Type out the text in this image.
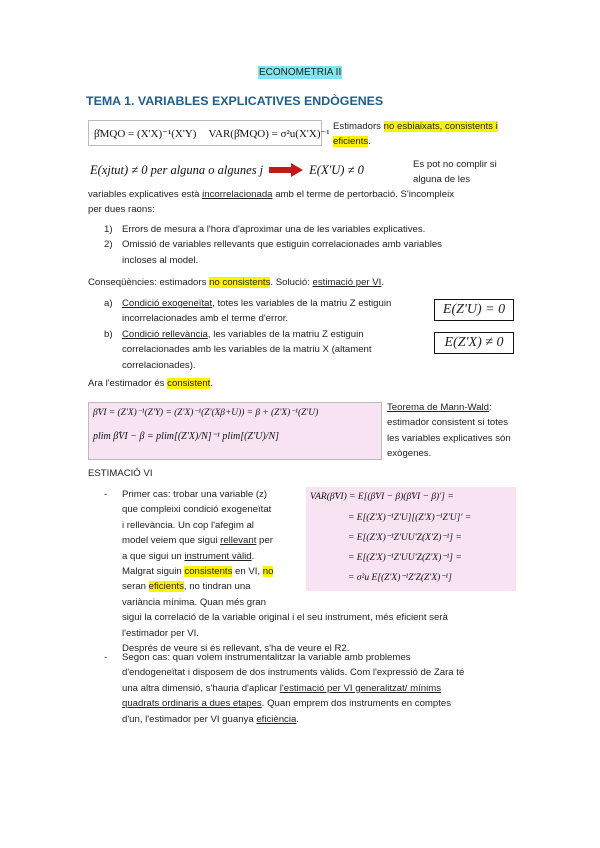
ECONOMETRIA II
TEMA 1. VARIABLES EXPLICATIVES ENDÒGENES
β̂MQO = (X'X)⁻¹(X'Y) VAR(β̂MQO) = σ²u(X'X)⁻¹
Estimadors no esbiaixats, consistents i eficients.
E(xjtut) ≠ 0 per alguna o algunes j	E(X'U) ≠ 0	Es pot no complir si
alguna de les
variables explicatives està incorrelacionada amb el terme de pertorbació. S'incompleix
per dues raons:
1) Errors de mesura a l'hora d'aproximar una de les variables explicatives.
2) Omissió de variables rellevants que estiguin correlacionades amb variables
incloses al model.
Conseqüències: estimadors no consistents. Solució: estimació per VI.
a) Condició exogeneïtat, totes les variables de la matriu Z estiguin
incorrelacionades amb el terme d'error.
b) Condició rellevància, les variables de la matriu Z estiguin
correlacionades amb les variables de la matriu X (altament
correlacionades).
E(Z'U) = 0
E(Z'X) ≠ 0
Ara l'estimador és consistent.
β̂VI = (Z'X)⁻¹(Z'Y) = (Z'X)⁻¹(Z'(Xβ+U)) = β + (Z'X)⁻¹(Z'U)
plim β̂VI − β = plim[(Z'X)/N]⁻¹ plim[(Z'U)/N]
Teorema de Mann-Wald:
estimador consistent si totes
les variables explicatives són
exògenes.
ESTIMACIÓ VI
- Primer cas: trobar una variable (z)
que compleixi condició exogeneïtat
i rellevància. Un cop l'afegim al
model veiem que sigui rellevant per
a que sigui un instrument vàlid.
Malgrat siguin consistents en VI, no
seran eficients, no tindran una
variància mínima. Quan més gran
sigui la correlació de la variable original i el seu instrument, més eficient serà
l'estimador per VI.
Després de veure si és rellevant, s'ha de veure el R2.
VAR(β̂VI) = E[(β̂VI − β)(β̂VI − β)'] =
= E[(Z'X)⁻¹Z'U][(Z'X)⁻¹Z'U]' =
= E[(Z'X)⁻¹Z'UU'Z(X'Z)⁻¹] =
= E[(Z'X)⁻¹Z'UU'Z(Z'X)⁻¹] =
= σ²u E[(Z'X)⁻¹Z'Z(Z'X)⁻¹]
- Segon cas: quan volem instrumentalitzar la variable amb problemes
d'endogeneïtat i disposem de dos instruments vàlids. Com l'expressió de Zara té
una altra dimensió, s'hauria d'aplicar l'estimació per VI generalitzat/ mínims
quadrats ordinaris a dues etapes. Quan emprem dos instruments en comptes
d'un, l'estimador per VI guanya eficiència.
